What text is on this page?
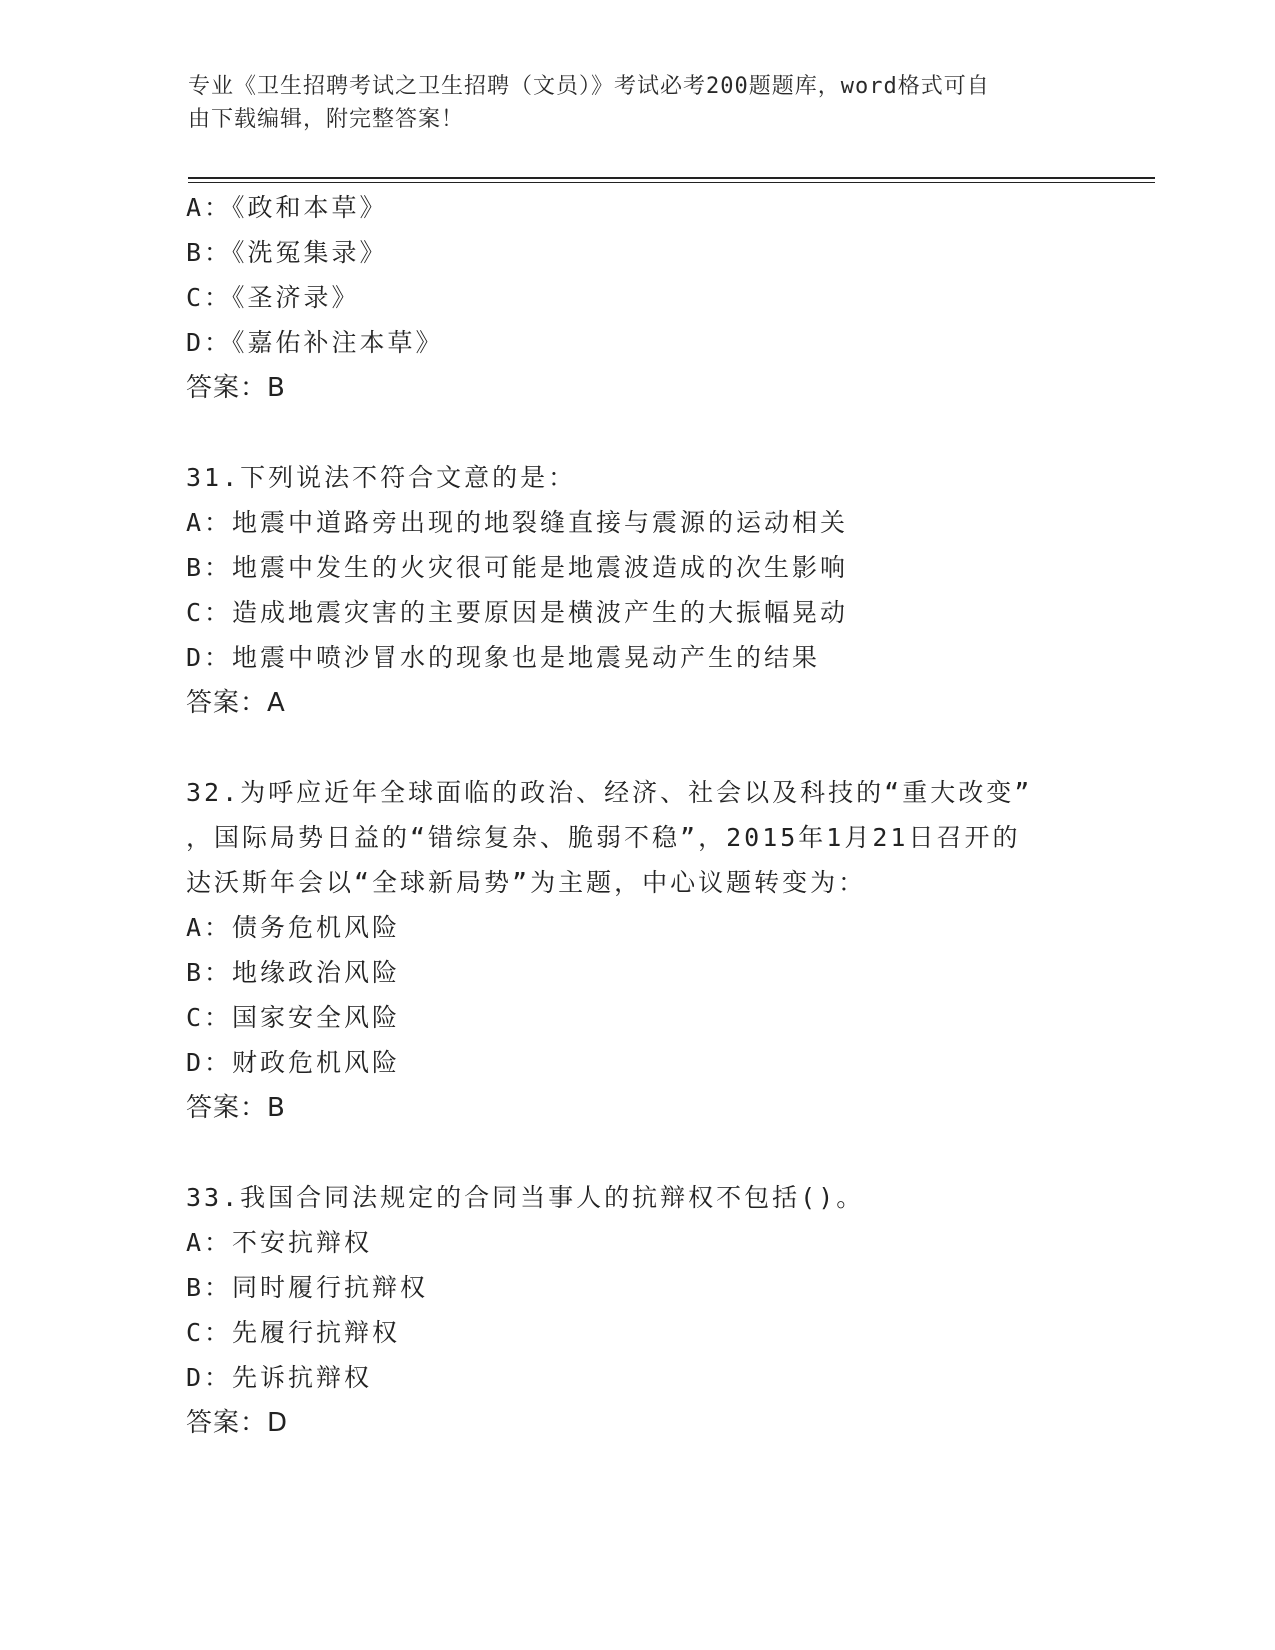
专业《卫生招聘考试之卫生招聘（文员）》考试必考200题题库，word格式可自
由下载编辑，附完整答案！
A：《政和本草》
B：《洗冤集录》
C：《圣济录》
D：《嘉佑补注本草》
答案：B
31.下列说法不符合文意的是：
A：地震中道路旁出现的地裂缝直接与震源的运动相关
B：地震中发生的火灾很可能是地震波造成的次生影响
C：造成地震灾害的主要原因是横波产生的大振幅晃动
D：地震中喷沙冒水的现象也是地震晃动产生的结果
答案：A
32.为呼应近年全球面临的政治、经济、社会以及科技的“重大改变”
，国际局势日益的“错综复杂、脆弱不稳”，2015年1月21日召开的
达沃斯年会以“全球新局势”为主题，中心议题转变为：
A：债务危机风险
B：地缘政治风险
C：国家安全风险
D：财政危机风险
答案：B
33.我国合同法规定的合同当事人的抗辩权不包括()。
A：不安抗辩权
B：同时履行抗辩权
C：先履行抗辩权
D：先诉抗辩权
答案：D
